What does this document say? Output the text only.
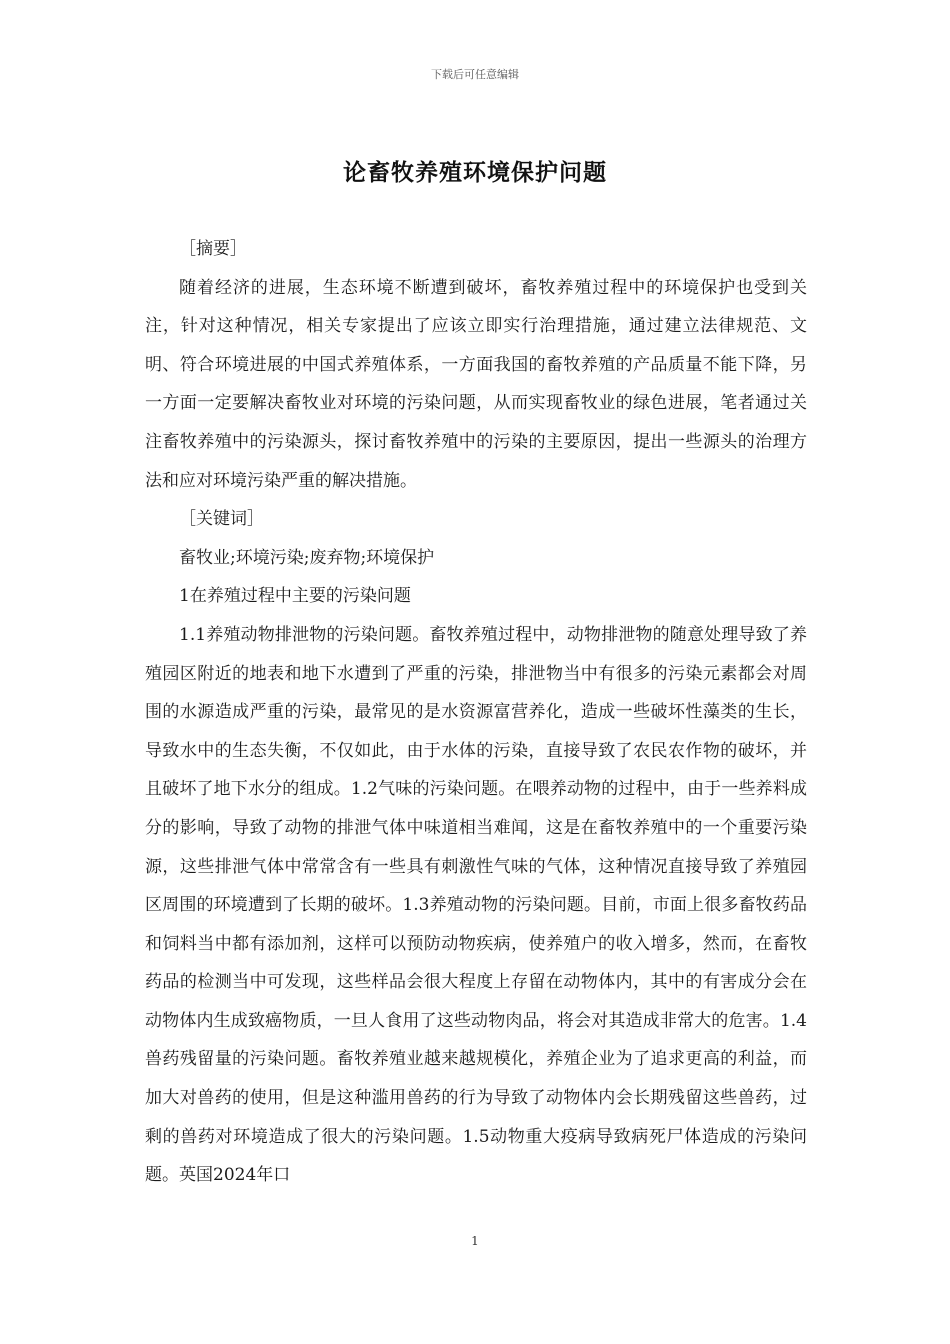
下载后可任意编辑
论畜牧养殖环境保护问题

［摘要］

随着经济的进展，生态环境不断遭到破坏，畜牧养殖过程中的环境保护也受到关注，针对这种情况，相关专家提出了应该立即实行治理措施，通过建立法律规范、文明、符合环境进展的中国式养殖体系，一方面我国的畜牧养殖的产品质量不能下降，另一方面一定要解决畜牧业对环境的污染问题，从而实现畜牧业的绿色进展，笔者通过关注畜牧养殖中的污染源头，探讨畜牧养殖中的污染的主要原因，提出一些源头的治理方法和应对环境污染严重的解决措施。

［关键词］

畜牧业;环境污染;废弃物;环境保护

1在养殖过程中主要的污染问题

1.1养殖动物排泄物的污染问题。畜牧养殖过程中，动物排泄物的随意处理导致了养殖园区附近的地表和地下水遭到了严重的污染，排泄物当中有很多的污染元素都会对周围的水源造成严重的污染，最常见的是水资源富营养化，造成一些破坏性藻类的生长，导致水中的生态失衡，不仅如此，由于水体的污染，直接导致了农民农作物的破坏，并且破坏了地下水分的组成。1.2气味的污染问题。在喂养动物的过程中，由于一些养料成分的影响，导致了动物的排泄气体中味道相当难闻，这是在畜牧养殖中的一个重要污染源，这些排泄气体中常常含有一些具有刺激性气味的气体，这种情况直接导致了养殖园区周围的环境遭到了长期的破坏。1.3养殖动物的污染问题。目前，市面上很多畜牧药品和饲料当中都有添加剂，这样可以预防动物疾病，使养殖户的收入增多，然而，在畜牧药品的检测当中可发现，这些样品会很大程度上存留在动物体内，其中的有害成分会在动物体内生成致癌物质，一旦人食用了这些动物肉品，将会对其造成非常大的危害。1.4兽药残留量的污染问题。畜牧养殖业越来越规模化，养殖企业为了追求更高的利益，而加大对兽药的使用，但是这种滥用兽药的行为导致了动物体内会长期残留这些兽药，过剩的兽药对环境造成了很大的污染问题。1.5动物重大疫病导致病死尸体造成的污染问题。英国2024年口

1
